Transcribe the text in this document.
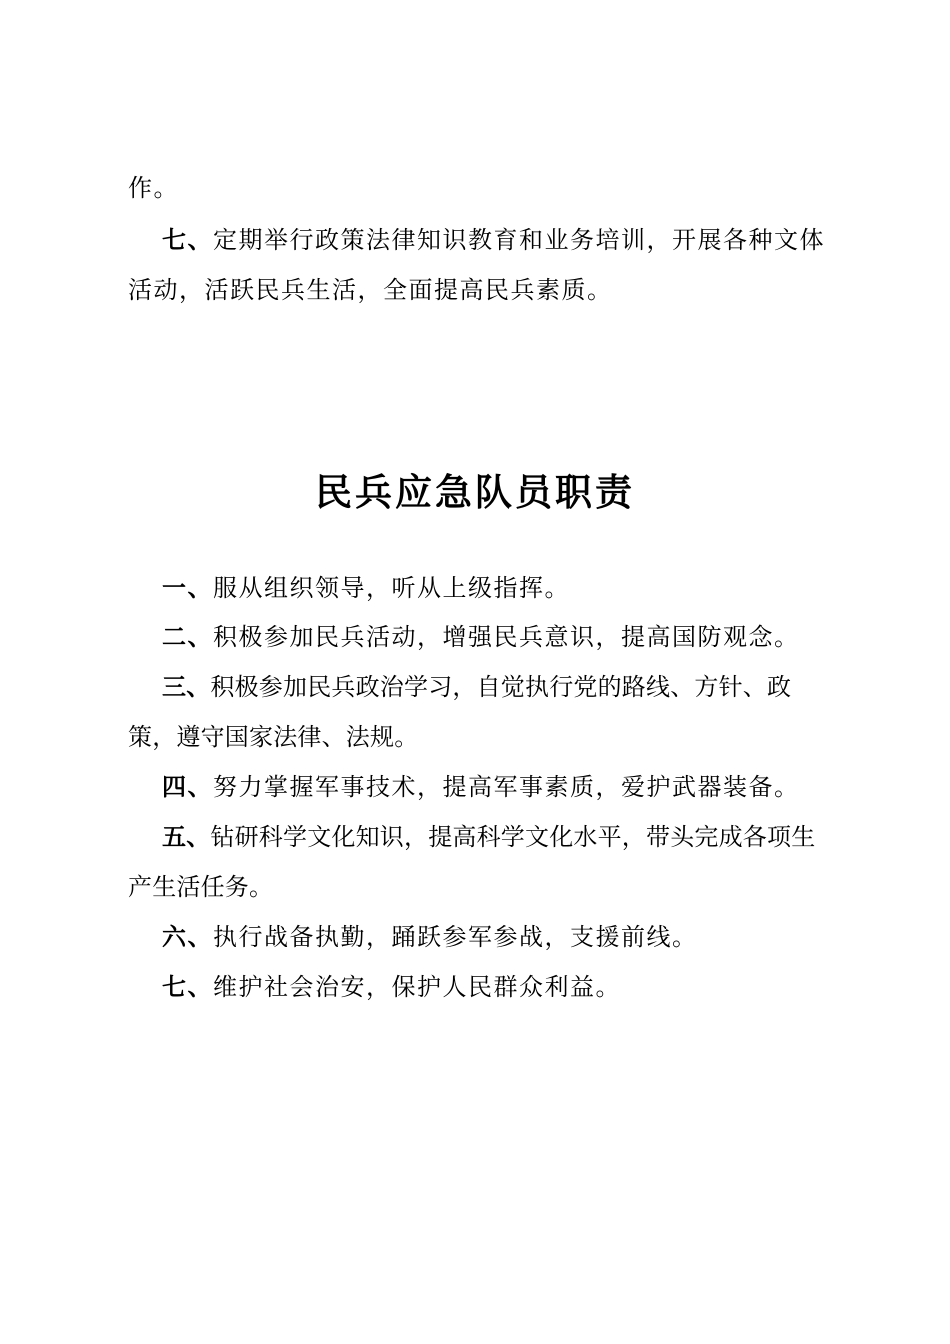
作。

七、定期举行政策法律知识教育和业务培训，开展各种文体活动，活跃民兵生活，全面提高民兵素质。

民兵应急队员职责

一、服从组织领导，听从上级指挥。

二、积极参加民兵活动，增强民兵意识，提高国防观念。

三、积极参加民兵政治学习，自觉执行党的路线、方针、政策，遵守国家法律、法规。

四、努力掌握军事技术，提高军事素质，爱护武器装备。

五、钻研科学文化知识，提高科学文化水平，带头完成各项生产生活任务。

六、执行战备执勤，踊跃参军参战，支援前线。

七、维护社会治安，保护人民群众利益。
